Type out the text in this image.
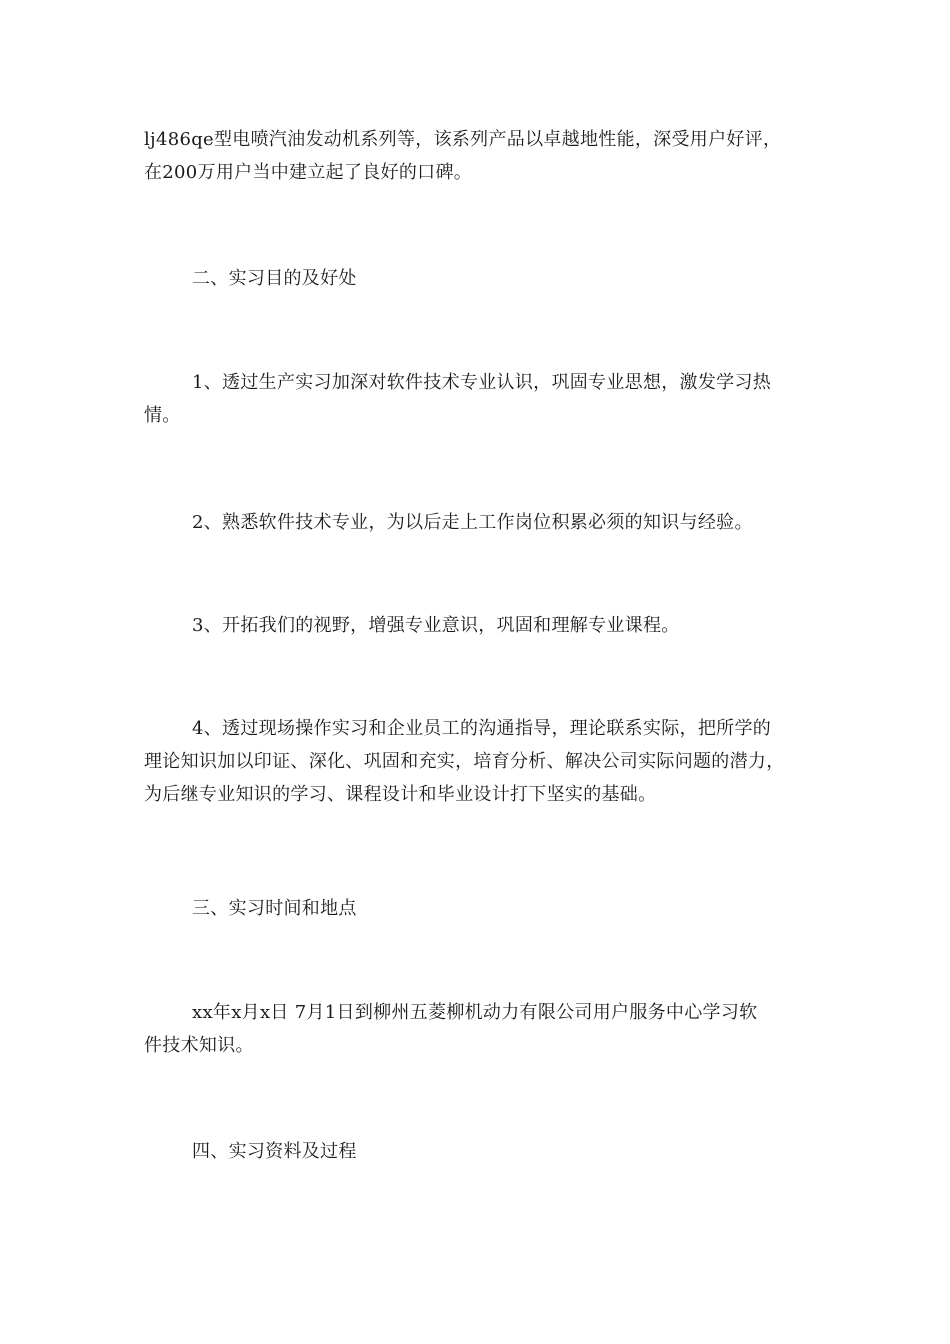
lj486qe型电喷汽油发动机系列等，该系列产品以卓越地性能，深受用户好评，
在200万用户当中建立起了良好的口碑。

二、实习目的及好处

1、透过生产实习加深对软件技术专业认识，巩固专业思想，激发学习热
情。

2、熟悉软件技术专业，为以后走上工作岗位积累必须的知识与经验。

3、开拓我们的视野，增强专业意识，巩固和理解专业课程。

4、透过现场操作实习和企业员工的沟通指导，理论联系实际，把所学的
理论知识加以印证、深化、巩固和充实，培育分析、解决公司实际问题的潜力，
为后继专业知识的学习、课程设计和毕业设计打下坚实的基础。

三、实习时间和地点

xx年x月x日 7月1日到柳州五菱柳机动力有限公司用户服务中心学习软
件技术知识。

四、实习资料及过程
